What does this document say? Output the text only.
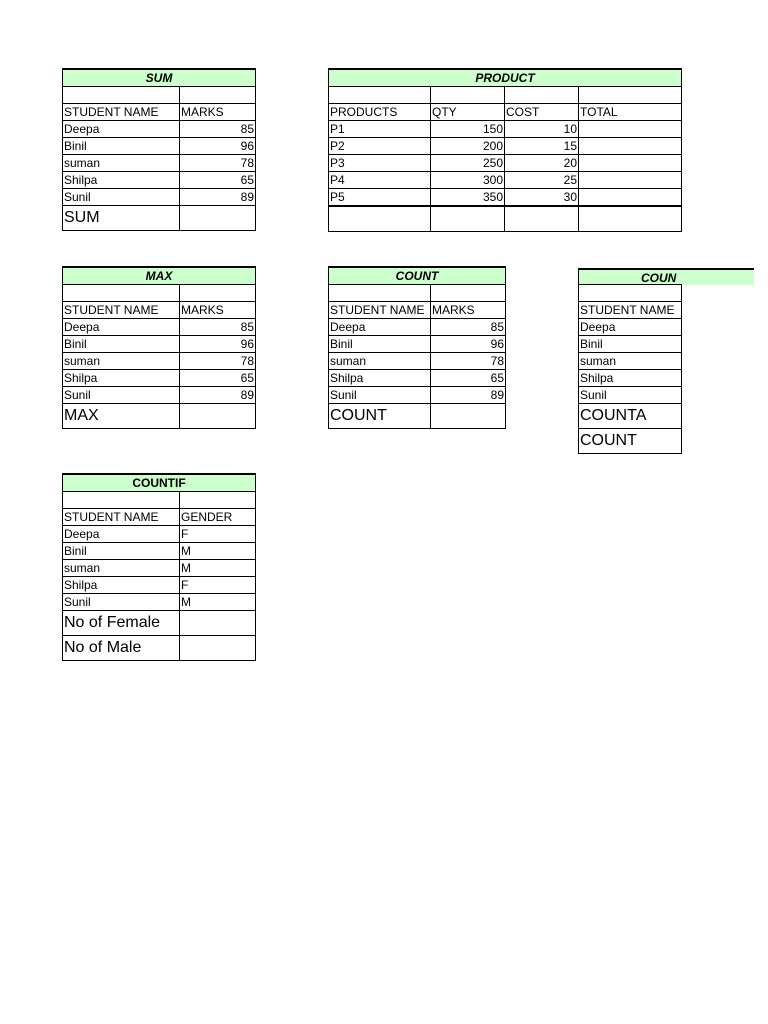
SUM	

STUDENT NAME	MARKS
Deepa	85
Binil	96
suman	78
Shilpa	65
Sunil	89
SUM	
PRODUCT			

PRODUCTS	QTY	COST	TOTAL
P1	150	10	
P2	200	15	
P3	250	20	
P4	300	25	
P5	350	30	

MAX	

STUDENT NAME	MARKS
Deepa	85
Binil	96
suman	78
Shilpa	65
Sunil	89
MAX	
COUNT	

STUDENT NAME	MARKS
Deepa	85
Binil	96
suman	78
Shilpa	65
Sunil	89
COUNT	
COUN

STUDENT NAME
Deepa
Binil
suman
Shilpa
Sunil
COUNTA
COUNT
COUNTIF	

STUDENT NAME	GENDER
Deepa	F
Binil	M
suman	M
Shilpa	F
Sunil	M
No of Female	
No of Male	
